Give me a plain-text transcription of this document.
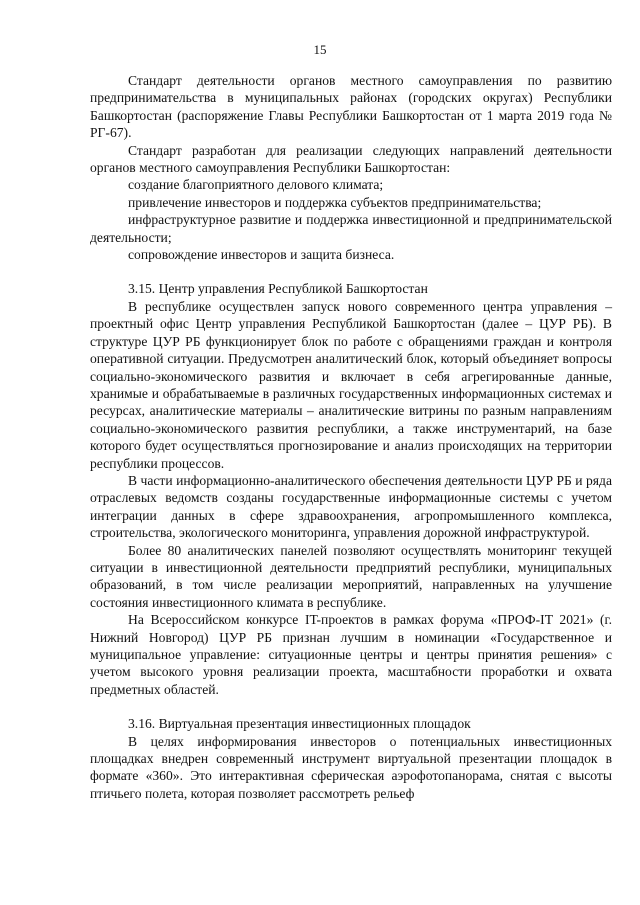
15

Стандарт деятельности органов местного самоуправления по развитию предпринимательства в муниципальных районах (городских округах) Республики Башкортостан (распоряжение Главы Республики Башкортостан от 1 марта 2019 года № РГ-67).

Стандарт разработан для реализации следующих направлений деятельности органов местного самоуправления Республики Башкортостан:

создание благоприятного делового климата;

привлечение инвесторов и поддержка субъектов предпринимательства;

инфраструктурное развитие и поддержка инвестиционной и предпринимательской деятельности;

сопровождение инвесторов и защита бизнеса.

3.15. Центр управления Республикой Башкортостан

В республике осуществлен запуск нового современного центра управления – проектный офис Центр управления Республикой Башкортостан (далее – ЦУР РБ). В структуре ЦУР РБ функционирует блок по работе с обращениями граждан и контроля оперативной ситуации. Предусмотрен аналитический блок, который объединяет вопросы социально-экономического развития и включает в себя агрегированные данные, хранимые и обрабатываемые в различных государственных информационных системах и ресурсах, аналитические материалы – аналитические витрины по разным направлениям социально-экономического развития республики, а также инструментарий, на базе которого будет осуществляться прогнозирование и анализ происходящих на территории республики процессов.

В части информационно-аналитического обеспечения деятельности ЦУР РБ и ряда отраслевых ведомств созданы государственные информационные системы с учетом интеграции данных в сфере здравоохранения, агропромышленного комплекса, строительства, экологического мониторинга, управления дорожной инфраструктурой.

Более 80 аналитических панелей позволяют осуществлять мониторинг текущей ситуации в инвестиционной деятельности предприятий республики, муниципальных образований, в том числе реализации мероприятий, направленных на улучшение состояния инвестиционного климата в республике.

На Всероссийском конкурсе IT-проектов в рамках форума «ПРОФ-IT 2021» (г. Нижний Новгород) ЦУР РБ признан лучшим в номинации «Государственное и муниципальное управление: ситуационные центры и центры принятия решения» с учетом высокого уровня реализации проекта, масштабности проработки и охвата предметных областей.

3.16. Виртуальная презентация инвестиционных площадок

В целях информирования инвесторов о потенциальных инвестиционных площадках внедрен современный инструмент виртуальной презентации площадок в формате «360». Это интерактивная сферическая аэрофотопанорама, снятая с высоты птичьего полета, которая позволяет рассмотреть рельеф
